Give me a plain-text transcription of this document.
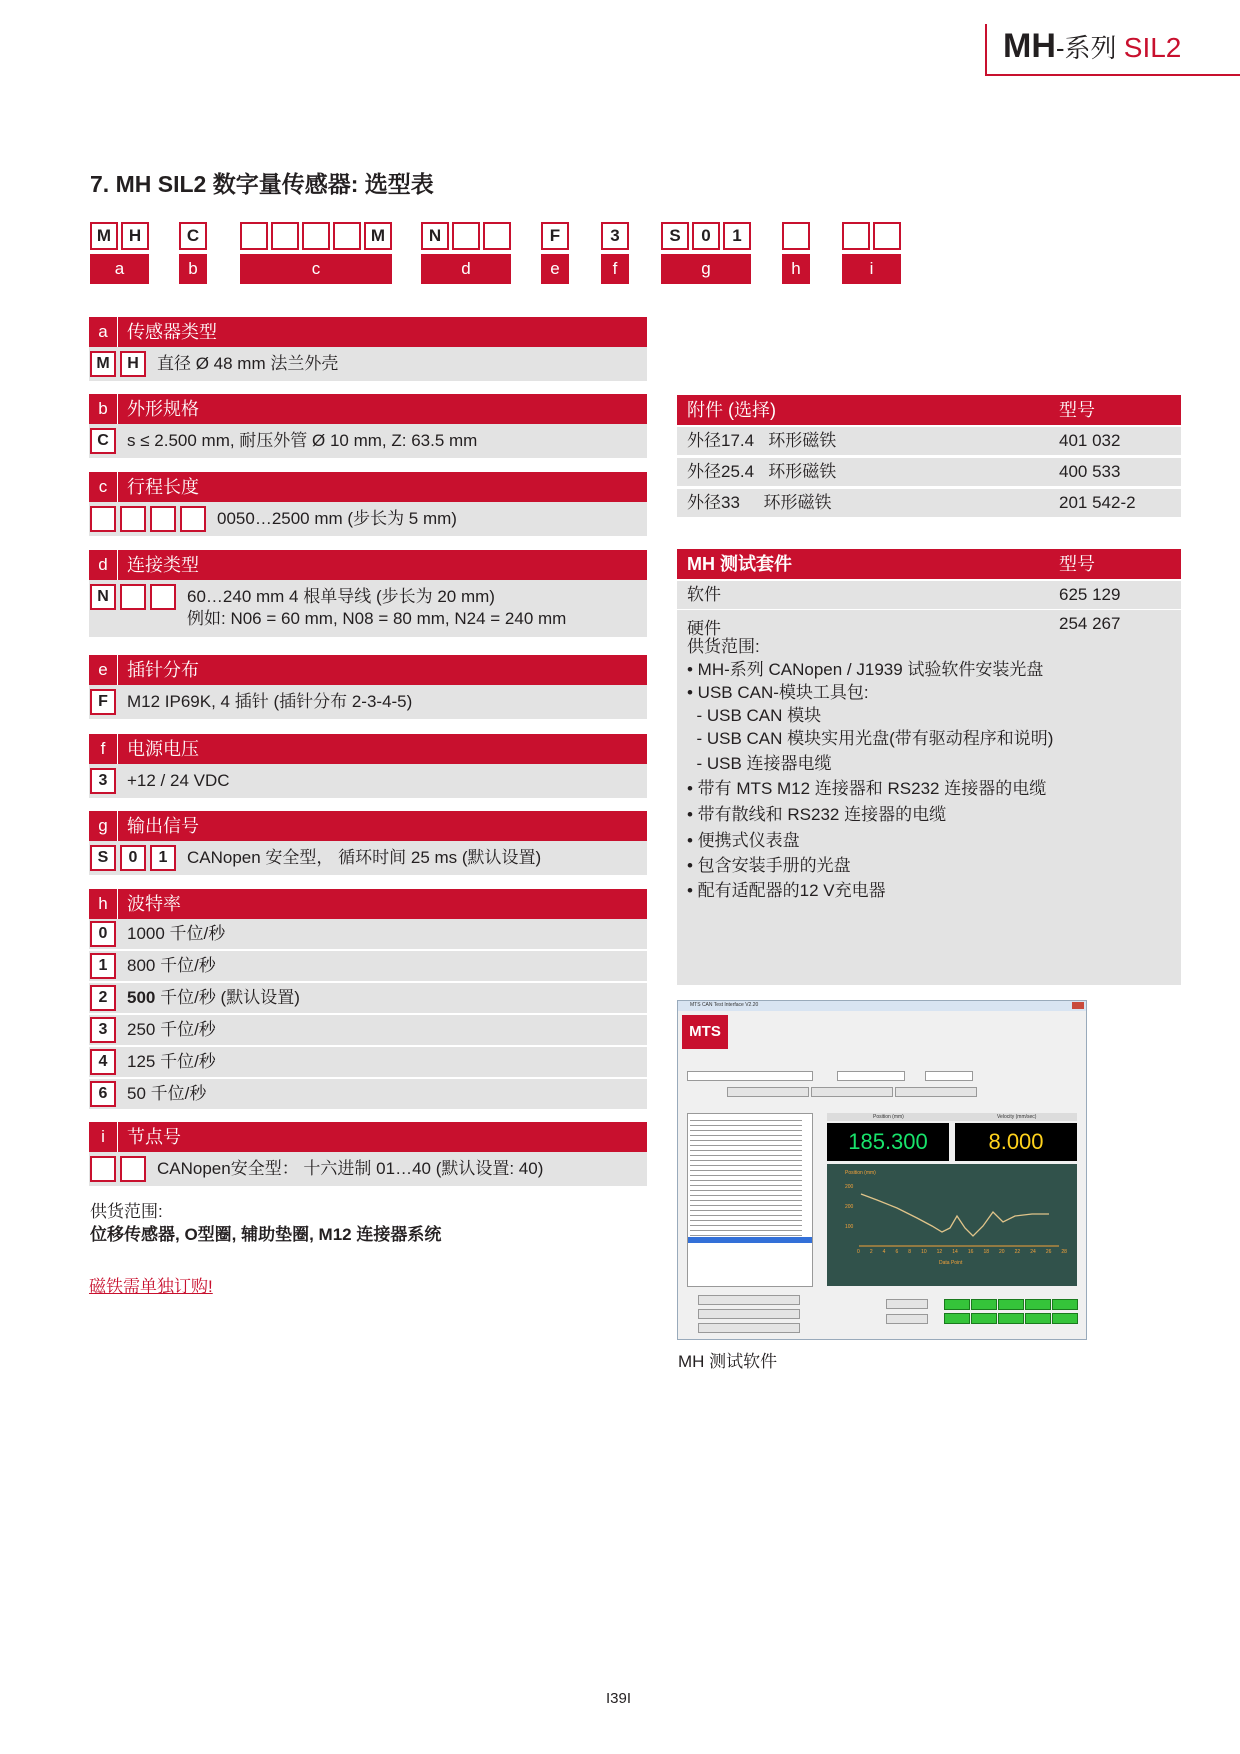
MH-系列 SIL2
7. MH SIL2 数字量传感器: 选型表
M	H	C	M	N	F	3	S	0	1
a	b	c	d	e	f	g	h	i
a	传感器类型
M	H	直径 Ø 48 mm 法兰外壳
b	外形规格
C	s ≤ 2.500 mm, 耐压外管 Ø 10 mm, Z: 63.5 mm
c	行程长度
0050…2500 mm (步长为 5 mm)
d	连接类型
N	60…240 mm 4 根单导线 (步长为 20 mm)
例如: N06 = 60 mm, N08 = 80 mm, N24 = 240 mm
e	插针分布
F	M12 IP69K, 4 插针 (插针分布 2-3-4-5)
f	电源电压
3	+12 / 24 VDC
g	输出信号
S	0	1	CANopen 安全型， 循环时间 25 ms (默认设置)
h	波特率
0	1000 千位/秒
1	800 千位/秒
2	500 千位/秒 (默认设置)
3	250 千位/秒
4	125 千位/秒
6	50 千位/秒
i	节点号
CANopen安全型： 十六进制 01…40 (默认设置: 40)
供货范围:
位移传感器, O型圈, 辅助垫圈, M12 连接器系统
磁铁需单独订购!
附件 (选择)	型号
外径17.4   环形磁铁	401 032
外径25.4   环形磁铁	400 533
外径33     环形磁铁	201 542-2
MH 测试套件	型号
软件	625 129
硬件	254 267
供货范围:
• MH-系列 CANopen / J1939 试验软件安装光盘
• USB CAN-模块工具包:
- USB CAN 模块
- USB CAN 模块实用光盘(带有驱动程序和说明)
- USB 连接器电缆
• 带有 MTS M12 连接器和 RS232 连接器的电缆
• 带有散线和 RS232 连接器的电缆
• 便携式仪表盘
• 包含安装手册的光盘
• 配有适配器的12 V充电器
MTS CAN Test Interface V2.20
MTS
Position (mm)	Velocity (mm/sec)
185.300	8.000
Position (mm)
200
200
100
0 2 4 6 8 10 12 14 16 18 20 22 24 26 28
Data Point
MH 测试软件
I39I
